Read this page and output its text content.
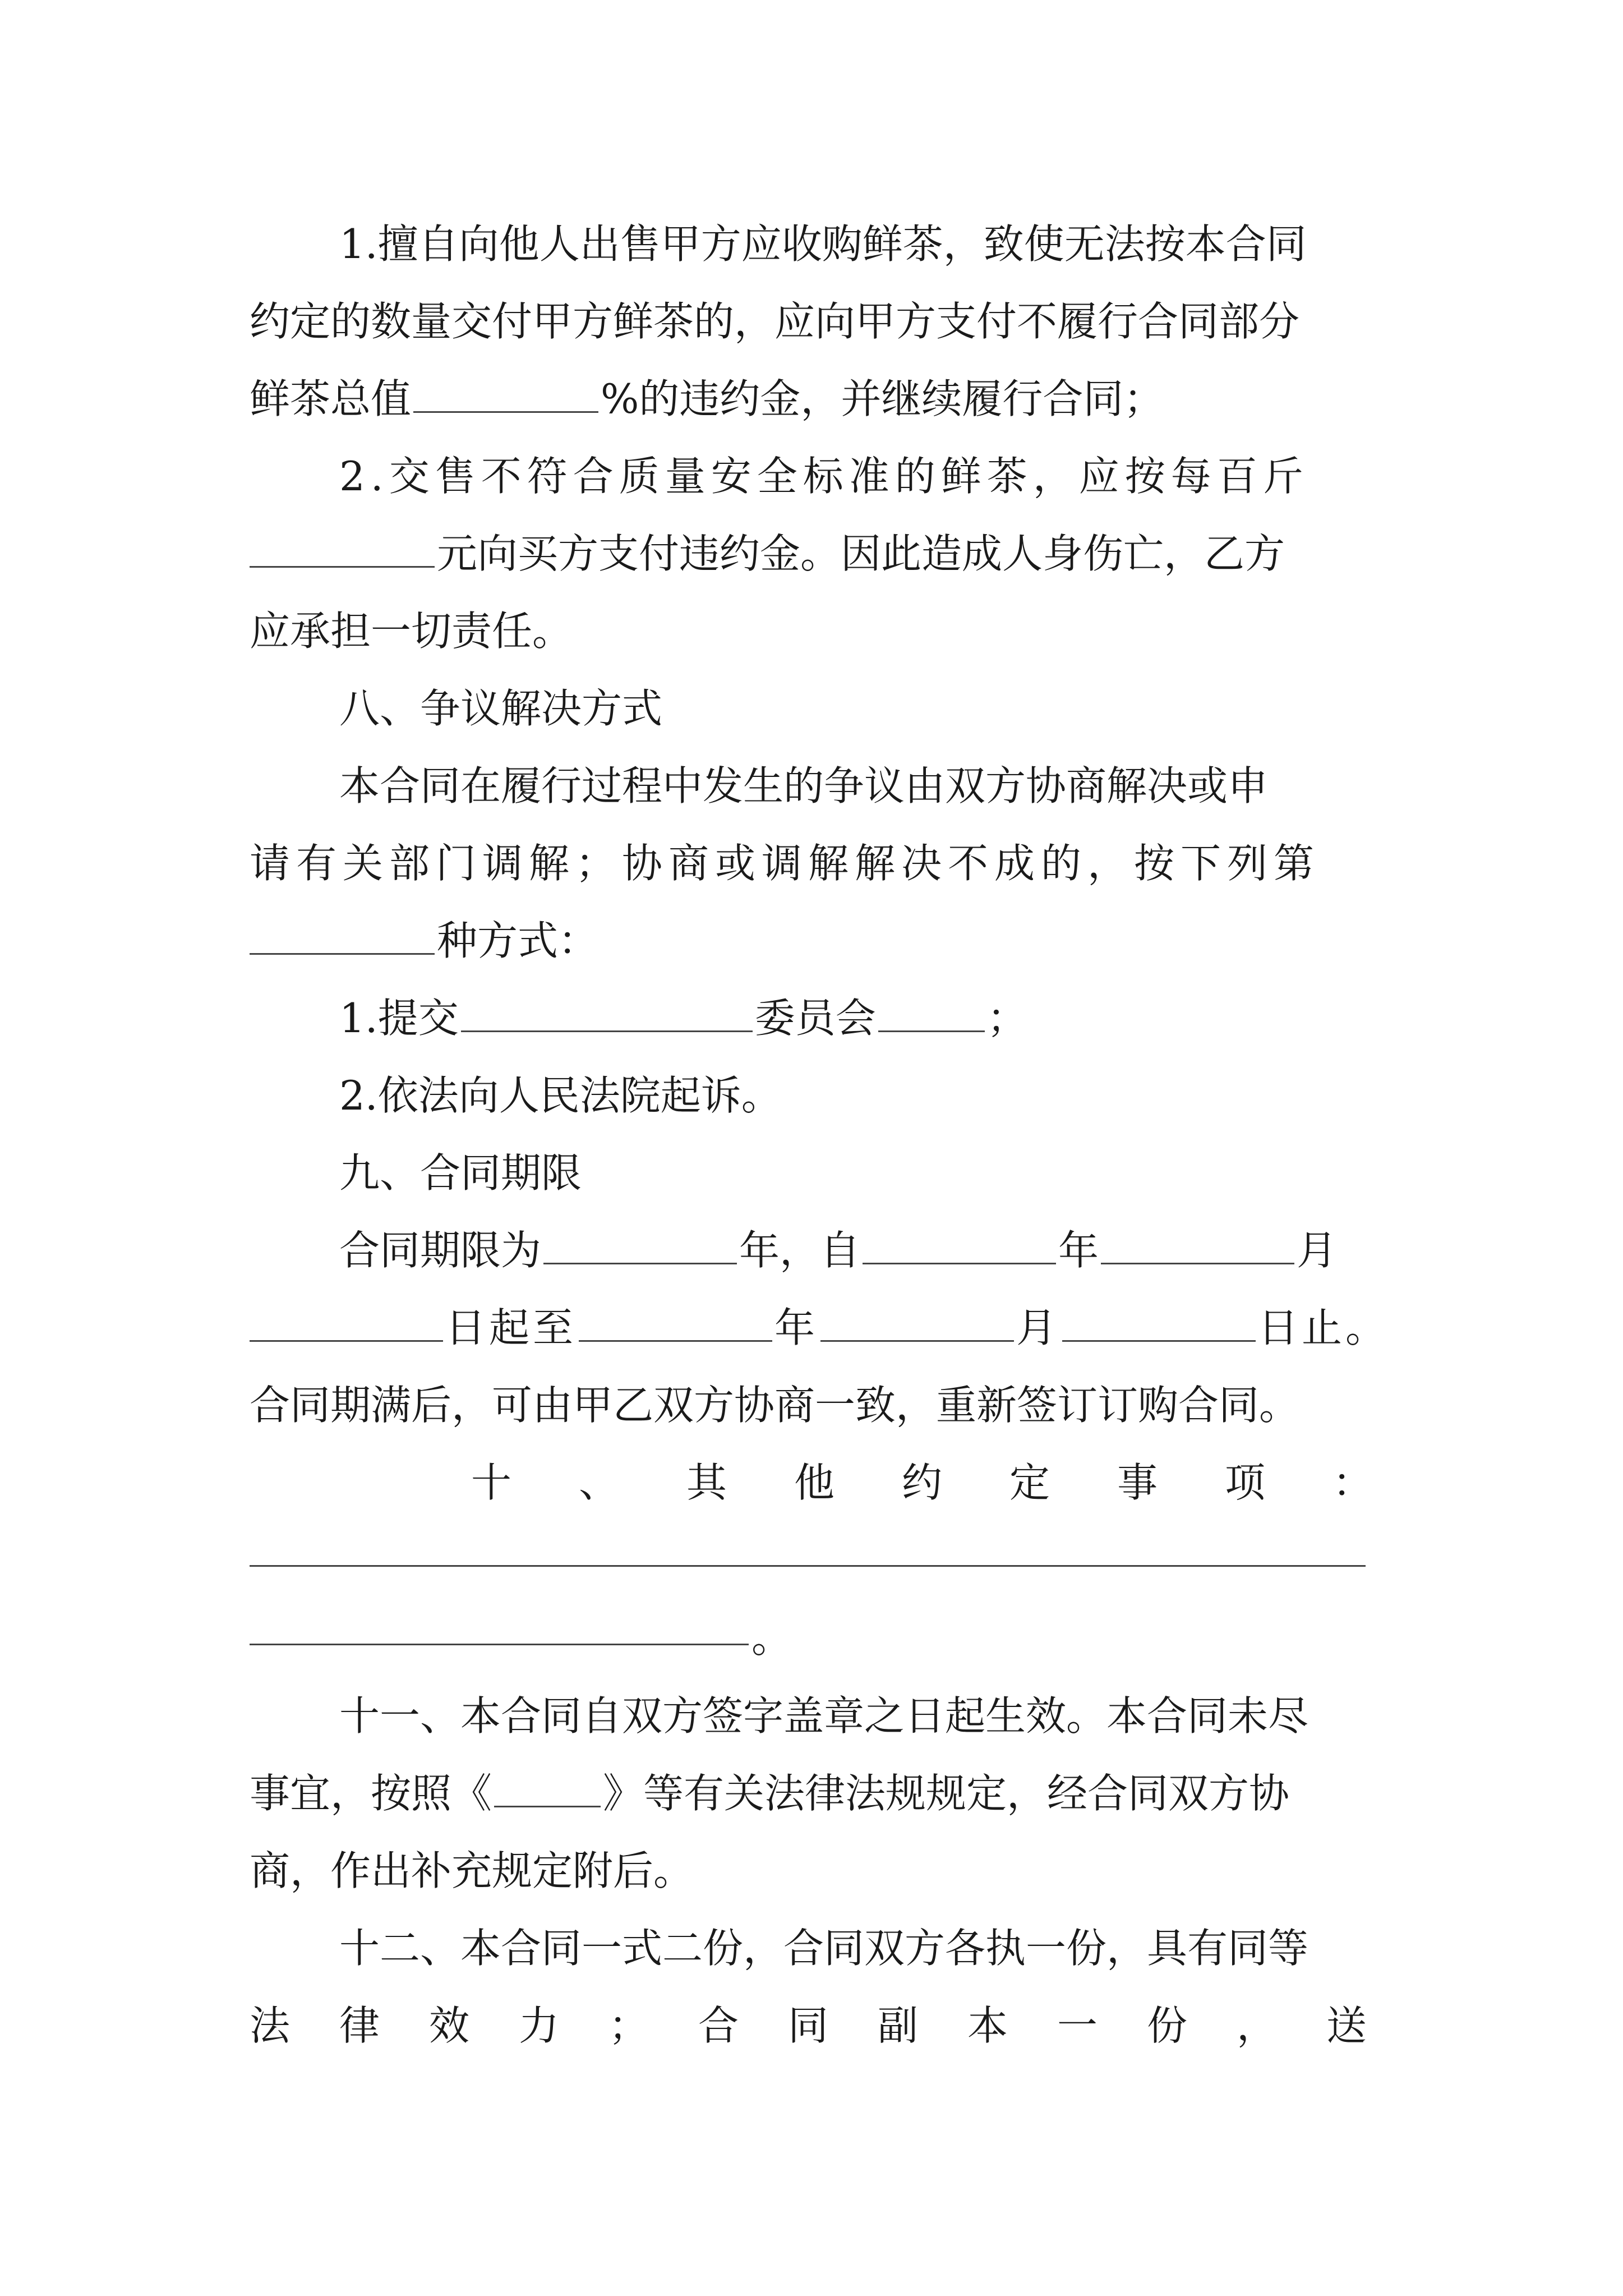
1.擅自向他人出售甲方应收购鲜茶，致使无法按本合同
约定的数量交付甲方鲜茶的，应向甲方支付不履行合同部分
鲜茶总值	%的违约金，并继续履行合同；
2.交售不符合质量安全标准的鲜茶，应按每百斤
元向买方支付违约金。因此造成人身伤亡，乙方
应承担一切责任。
八、争议解决方式
本合同在履行过程中发生的争议由双方协商解决或申
请有关部门调解；协商或调解解决不成的，按下列第
种方式：
1.提交	委员会	；
2.依法向人民法院起诉。
九、合同期限
合同期限为	年，自	年	月
日起至	年	月	日止。
合同期满后，可由甲乙双方协商一致，重新签订订购合同。
十、其他约定事项：
。
十一、本合同自双方签字盖章之日起生效。本合同未尽
事宜，按照《	》等有关法律法规规定，经合同双方协
商，作出补充规定附后。
十二、本合同一式二份，合同双方各执一份，具有同等
法律效力；合同副本一份，送
